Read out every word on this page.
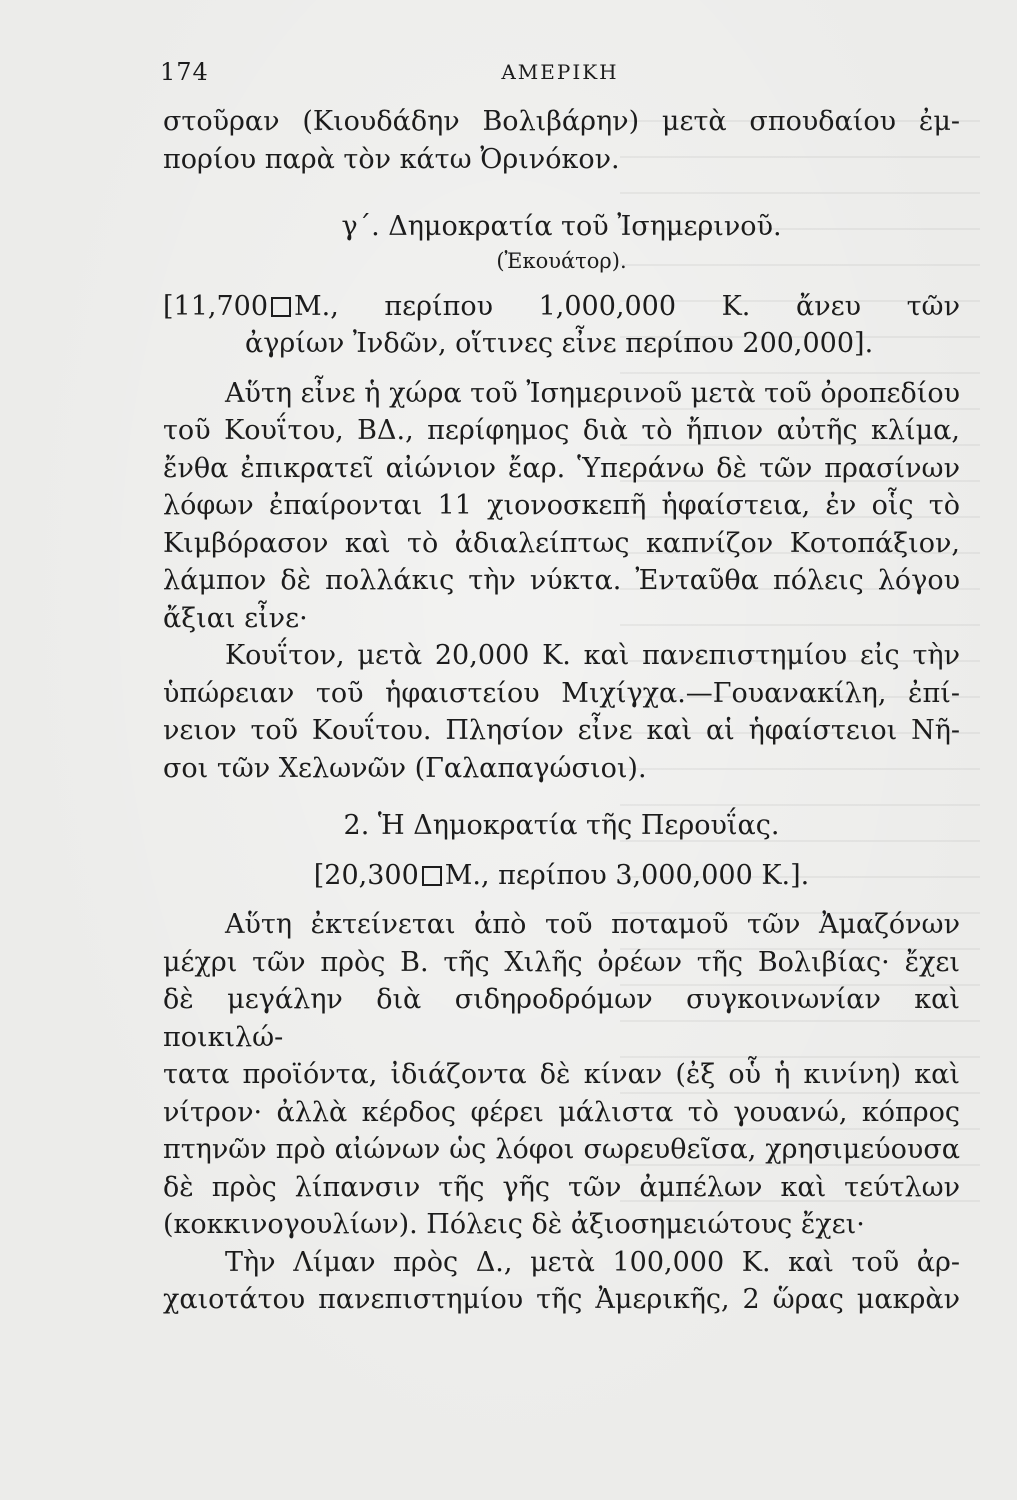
174	ΑΜΕΡΙΚΗ

στοῦραν (Κιουδάδην Βολιβάρην) μετὰ σπουδαίου ἐμ-
πορίου παρὰ τὸν κάτω Ὀρινόκον.

γ΄. Δημοκρατία τοῦ Ἰσημερινοῦ.

(Ἐκουάτορ).

[11,700 Μ., περίπου 1,000,000 Κ. ἄνευ τῶν
ἀγρίων Ἰνδῶν, οἵτινες εἶνε περίπου 200,000].

Αὕτη εἶνε ἡ χώρα τοῦ Ἰσημερινοῦ μετὰ τοῦ ὀροπεδίου
τοῦ Κουΐτου, ΒΔ., περίφημος διὰ τὸ ἤπιον αὐτῆς κλίμα,
ἔνθα ἐπικρατεῖ αἰώνιον ἔαρ. Ὑπεράνω δὲ τῶν πρασίνων
λόφων ἐπαίρονται 11 χιονοσκεπῆ ἡφαίστεια, ἐν οἷς τὸ
Κιμβόρασον καὶ τὸ ἀδιαλείπτως καπνίζον Κοτοπάξιον,
λάμπον δὲ πολλάκις τὴν νύκτα. Ἐνταῦθα πόλεις λόγου
ἄξιαι εἶνε·

Κουΐτον, μετὰ 20,000 Κ. καὶ πανεπιστημίου εἰς τὴν
ὑπώρειαν τοῦ ἡφαιστείου Μιχίγχα.—Γουανακίλη, ἐπί-
νειον τοῦ Κουΐτου. Πλησίον εἶνε καὶ αἱ ἡφαίστειοι Νῆ-
σοι τῶν Χελωνῶν (Γαλαπαγώσιοι).

2. Ἡ Δημοκρατία τῆς Περουΐας.

[20,300 Μ., περίπου 3,000,000 Κ.].

Αὕτη ἐκτείνεται ἀπὸ τοῦ ποταμοῦ τῶν Ἀμαζόνων
μέχρι τῶν πρὸς Β. τῆς Χιλῆς ὀρέων τῆς Βολιβίας· ἔχει
δὲ μεγάλην διὰ σιδηροδρόμων συγκοινωνίαν καὶ ποικιλώ-
τατα προϊόντα, ἰδιάζοντα δὲ κίναν (ἐξ οὗ ἡ κινίνη) καὶ
νίτρον· ἀλλὰ κέρδος φέρει μάλιστα τὸ γουανώ, κόπρος
πτηνῶν πρὸ αἰώνων ὡς λόφοι σωρευθεῖσα, χρησιμεύουσα
δὲ πρὸς λίπανσιν τῆς γῆς τῶν ἀμπέλων καὶ τεύτλων
(κοκκινογουλίων). Πόλεις δὲ ἀξιοσημειώτους ἔχει·

Τὴν Λίμαν πρὸς Δ., μετὰ 100,000 Κ. καὶ τοῦ ἀρ-
χαιοτάτου πανεπιστημίου τῆς Ἀμερικῆς, 2 ὥρας μακρὰν
